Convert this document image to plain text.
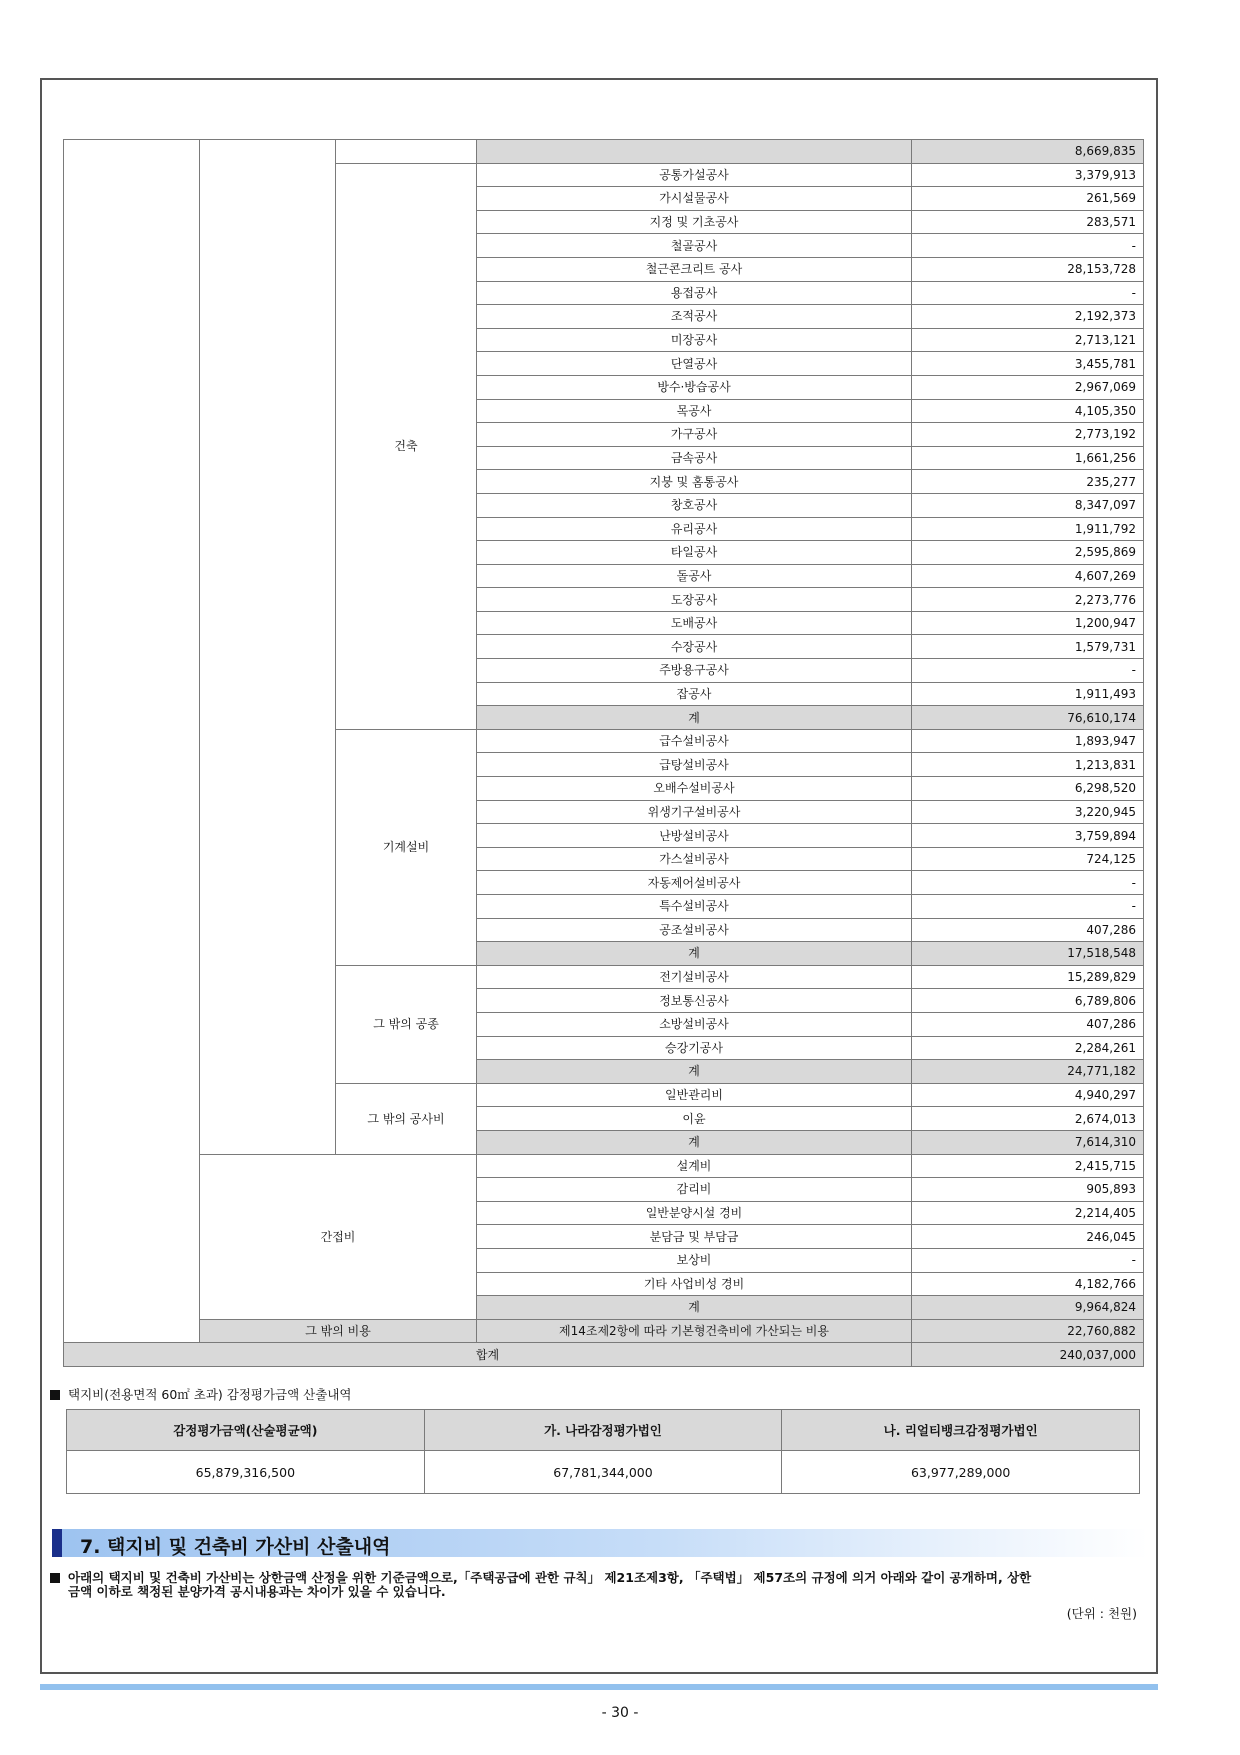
				8,669,835
		건축	공통가설공사	3,379,913
			가시설물공사	261,569
			지정 및 기초공사	283,571
			철골공사	-
			철근콘크리트 공사	28,153,728
			용접공사	-
			조적공사	2,192,373
			미장공사	2,713,121
			단열공사	3,455,781
			방수·방습공사	2,967,069
			목공사	4,105,350
			가구공사	2,773,192
			금속공사	1,661,256
			지붕 및 홈통공사	235,277
			창호공사	8,347,097
			유리공사	1,911,792
			타일공사	2,595,869
			돌공사	4,607,269
			도장공사	2,273,776
			도배공사	1,200,947
			수장공사	1,579,731
			주방용구공사	-
			잡공사	1,911,493
			계	76,610,174
		기계설비	급수설비공사	1,893,947
			급탕설비공사	1,213,831
			오배수설비공사	6,298,520
			위생기구설비공사	3,220,945
			난방설비공사	3,759,894
			가스설비공사	724,125
			자동제어설비공사	-
			특수설비공사	-
			공조설비공사	407,286
			계	17,518,548
		그 밖의 공종	전기설비공사	15,289,829
			정보통신공사	6,789,806
			소방설비공사	407,286
			승강기공사	2,284,261
			계	24,771,182
		그 밖의 공사비	일반관리비	4,940,297
			이윤	2,674,013
			계	7,614,310
	간접비		설계비	2,415,715
			감리비	905,893
			일반분양시설 경비	2,214,405
			분담금 및 부담금	246,045
			보상비	-
			기타 사업비성 경비	4,182,766
			계	9,964,824
	그 밖의 비용		제14조제2항에 따라 기본형건축비에 가산되는 비용	22,760,882
합계				240,037,000
택지비(전용면적 60㎡ 초과) 감정평가금액 산출내역
감정평가금액(산술평균액)	가. 나라감정평가법인	나. 리얼티뱅크감정평가법인
65,879,316,500	67,781,344,000	63,977,289,000
7. 택지비 및 건축비 가산비 산출내역
아래의 택지비 및 건축비 가산비는 상한금액 산정을 위한 기준금액으로,「주택공급에 관한 규칙」 제21조제3항, 「주택법」 제57조의 규정에 의거 아래와 같이 공개하며, 상한
금액 이하로 책정된 분양가격 공시내용과는 차이가 있을 수 있습니다.
(단위 : 천원)
- 30 -
